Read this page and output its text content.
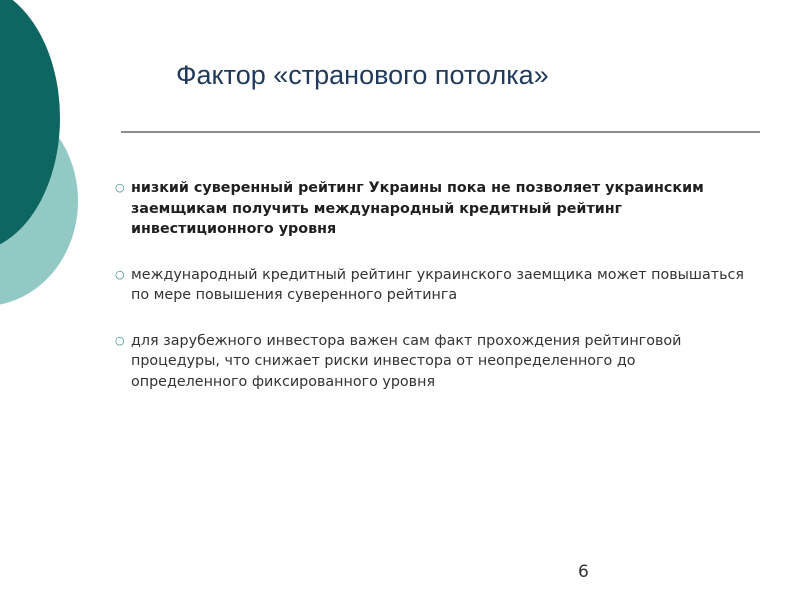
Фактор «странового потолка»
○ низкий суверенный рейтинг Украины пока не позволяет украинским заемщикам получить международный кредитный рейтинг инвестиционного уровня
○ международный кредитный рейтинг украинского заемщика может повышаться по мере повышения суверенного рейтинга
○ для зарубежного инвестора важен сам факт прохождения рейтинговой процедуры, что снижает риски инвестора от неопределенного до определенного фиксированного уровня
6
